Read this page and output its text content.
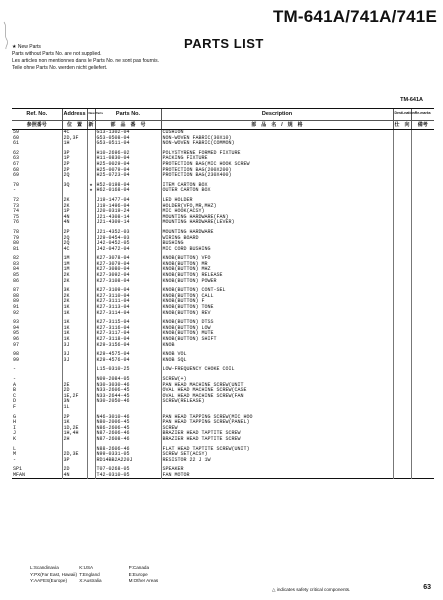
TM-641A/741A/741E
PARTS LIST
★ New Parts
Parts without Parts No. are not supplied.
Les articles non mentionnes dans le Parts No. ne sont pas fournis.
Teile ohne Parts No. werden nicht geliefert.
TM-641A
Ref. No.	Address	New Parts	Parts No.	Description	Desti-nation	Re-marks
参照番号	位　置	新	部　品　番　号	部　品　名　/　規　格	仕　向	備考
59	4C		G13-1302-04	CUSHION		
60	2D,3F		G53-0508-04	NON-WOVEN FABRIC(30X10)		
61	1H		G53-0511-04	NON-WOVEN FABRIC(COMMON)		

62	3P		H10-2696-02	POLYSTYRENE FORMED FIXTURE		
63	1P		H11-0830-04	PACKING FIXTURE		
67	2P		H25-0029-04	PROTECTION BAG(MIC HOOK SCREW		
68	2P		H25-0079-04	PROTECTION BAG(200X200)		
69	2Q		H25-0723-04	PROTECTION BAG(230X400)		

70	3Q	★	H52-0198-04	ITEM CARTON BOX		
-		★	H62-0168-04	OUTER CARTON BOX		

72	2K		J19-1477-04	LED HOLDER		
73	2K		J19-1496-04	HOLDER(VFO,MR,MHZ)		
74	1P		J20-0319-24	MIC HOOK(ACSY)		
75	4N		J21-4308-14	MOUNTING HARDWARE(FAN)		
76	4N		J21-4309-14	MOUNTING HARDWARE(LEVER)		

78	2P		J21-4352-03	MOUNTING HARDWARE		
79	2Q		J29-0454-03	WIRING BOARD		
80	2Q		J42-0452-05	BUSHING		
81	4C		J42-0472-04	MIC CORD BUSHING		

82	1M		K27-3078-04	KNOB(BUTTON) VFO		
83	1M		K27-3079-04	KNOB(BUTTON) MR		
84	1M		K27-3080-04	KNOB(BUTTON) MHZ		
85	2K		K27-3092-04	KNOB(BUTTON) RELEASE		
86	2K		K27-3108-04	KNOB(BUTTON) POWER		

87	3K		K27-3109-04	KNOB(BUTTON) CONT-SEL		
88	2K		K27-3110-04	KNOB(BUTTON) CALL		
89	2K		K27-3111-04	KNOB(BUTTON) F		
91	1K		K27-3113-04	KNOB(BUTTON) TONE		
92	1K		K27-3114-04	KNOB(BUTTON) REV		

93	1K		K27-3115-04	KNOB(BUTTON) DTSS		
94	1K		K27-3116-04	KNOB(BUTTON) LOW		
95	1K		K27-3117-04	KNOB(BUTTON) MUTE		
96	1K		K27-3118-04	KNOB(BUTTON) SHIFT		
97	3J		K29-3156-04	KNOB		

98	3J		K29-4575-04	KNOB VOL		
99	3J		K29-4576-04	KNOB SQL		

-			L15-0310-25	LOW-FREQUENCY CHOKE COIL		

-			N09-2084-05	SCREW(+)		
A	2E		N30-3030-46	PAN HEAD MACHINE SCREW(UNIT		
B	2D		N33-2606-45	OVAL HEAD MACHINE SCREW(CASE		
C	1E,2F		N33-2644-45	OVAL HEAD MACHINE SCREW(FAN		
D	3N		N30-2050-46	SCREW(RELEASE)		
F	1L					

G	2P		N46-3010-46	PAN HEAD TAPPING SCREW(MIC HOO		
H	1K		N80-2006-45	PAN HEAD TAPPING SCREW(PANEL)		
I	1D,2E		N86-2606-45	SCREW		
J	1H,4H		N87-2606-46	BRAZIER HEAD TAPTITE SCREW		
K	2H		N87-2608-46	BRAZIER HEAD TAPTITE SCREW		

L			N88-2606-46	FLAT HEAD TAPTITE SCREW(UNIT)		
M	2D,3E		N99-0331-05	SCREW SET(ACSY)		
-	3P		RD14BB2A220J	RESISTOR 22 J 1W		

SP1	2D		T07-0268-05	SPEAKER		
MFAN	4N		T42-0310-05	FAN MOTOR		
L:Scandinavia	K:USA	P:Canada
Y:PX(Far East, Hawaii) T:England	E:Europe
Y:AAFES(Europe)	X:Australia	M:Other Areas
△ indicates safety critical components.	63
